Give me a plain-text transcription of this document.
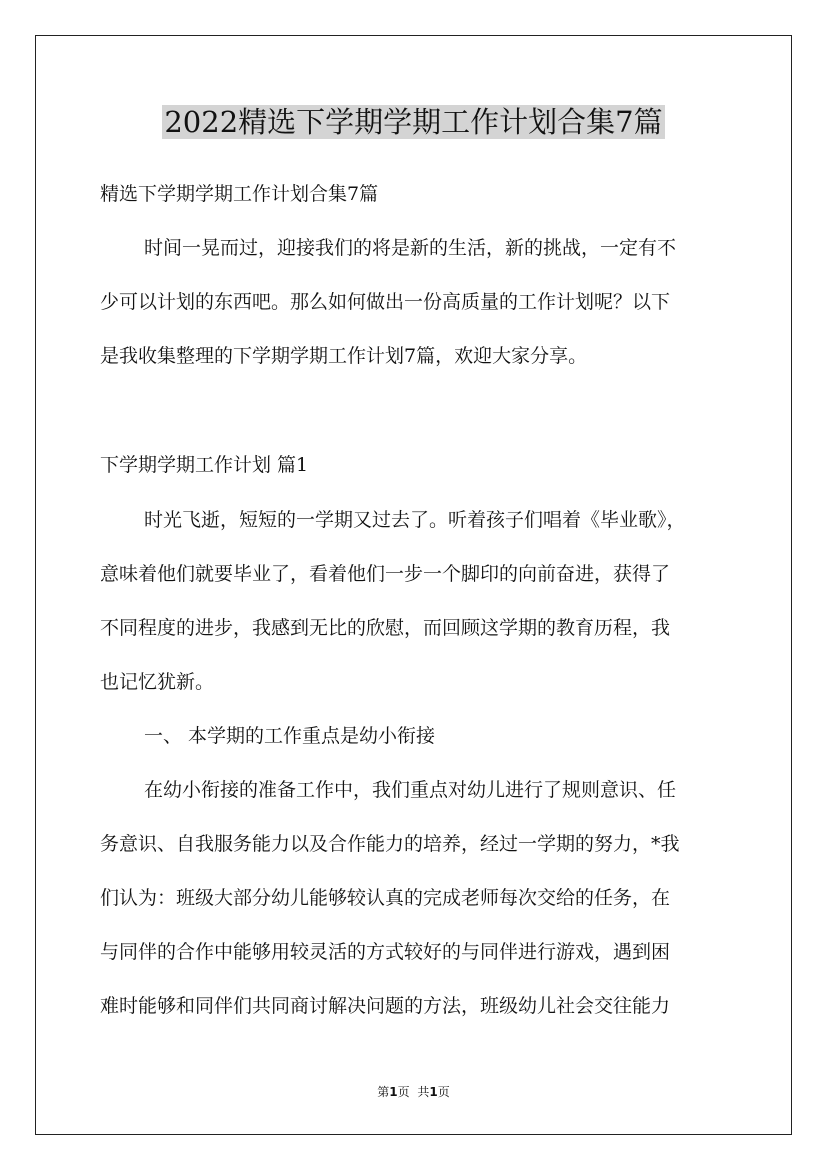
2022精选下学期学期工作计划合集7篇
精选下学期学期工作计划合集7篇
时间一晃而过，迎接我们的将是新的生活，新的挑战，一定有不
少可以计划的东西吧。那么如何做出一份高质量的工作计划呢？以下
是我收集整理的下学期学期工作计划7篇，欢迎大家分享。
下学期学期工作计划 篇1
时光飞逝，短短的一学期又过去了。听着孩子们唱着《毕业歌》，
意味着他们就要毕业了，看着他们一步一个脚印的向前奋进，获得了
不同程度的进步，我感到无比的欣慰，而回顾这学期的教育历程，我
也记忆犹新。
一、 本学期的工作重点是幼小衔接
在幼小衔接的准备工作中，我们重点对幼儿进行了规则意识、任
务意识、自我服务能力以及合作能力的培养，经过一学期的努力，*我
们认为：班级大部分幼儿能够较认真的完成老师每次交给的任务，在
与同伴的合作中能够用较灵活的方式较好的与同伴进行游戏，遇到困
难时能够和同伴们共同商讨解决问题的方法，班级幼儿社会交往能力
第1页 共1页
